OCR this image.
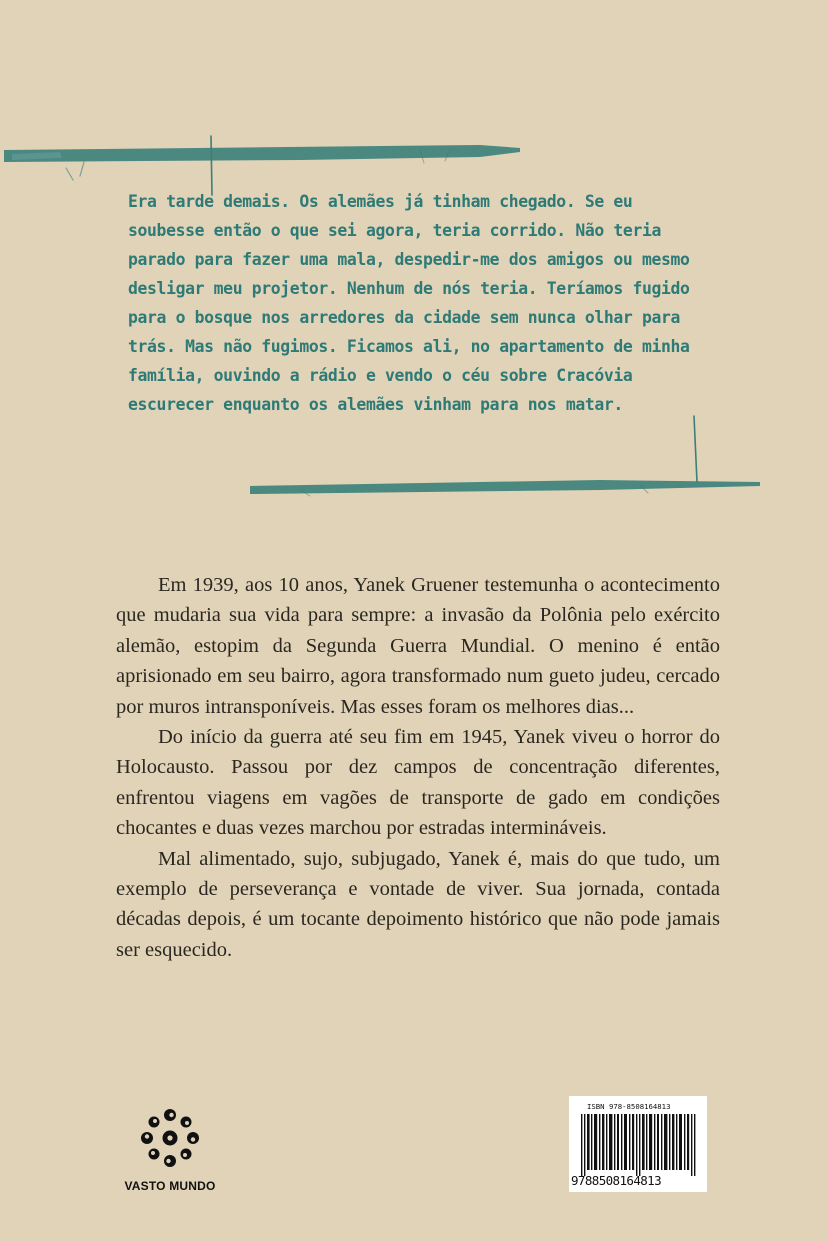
Era tarde demais. Os alemães já tinham chegado. Se eu soubesse então o que sei agora, teria corrido. Não teria parado para fazer uma mala, despedir-me dos amigos ou mesmo desligar meu projetor. Nenhum de nós teria. Teríamos fugido para o bosque nos arredores da cidade sem nunca olhar para trás. Mas não fugimos. Ficamos ali, no apartamento de minha família, ouvindo a rádio e vendo o céu sobre Cracóvia escurecer enquanto os alemães vinham para nos matar.

Em 1939, aos 10 anos, Yanek Gruener testemunha o acontecimento que mudaria sua vida para sempre: a invasão da Polônia pelo exército alemão, estopim da Segunda Guerra Mundial. O menino é então aprisionado em seu bairro, agora transformado num gueto judeu, cercado por muros intransponíveis. Mas esses foram os melhores dias...

Do início da guerra até seu fim em 1945, Yanek viveu o horror do Holocausto. Passou por dez campos de concentração diferentes, enfrentou viagens em vagões de transporte de gado em condições chocantes e duas vezes marchou por estradas intermináveis.

Mal alimentado, sujo, subjugado, Yanek é, mais do que tudo, um exemplo de perseverança e vontade de viver. Sua jornada, contada décadas depois, é um tocante depoimento histórico que não pode jamais ser esquecido.

VASTO MUNDO

ISBN 978-8508164813

9788508164813
